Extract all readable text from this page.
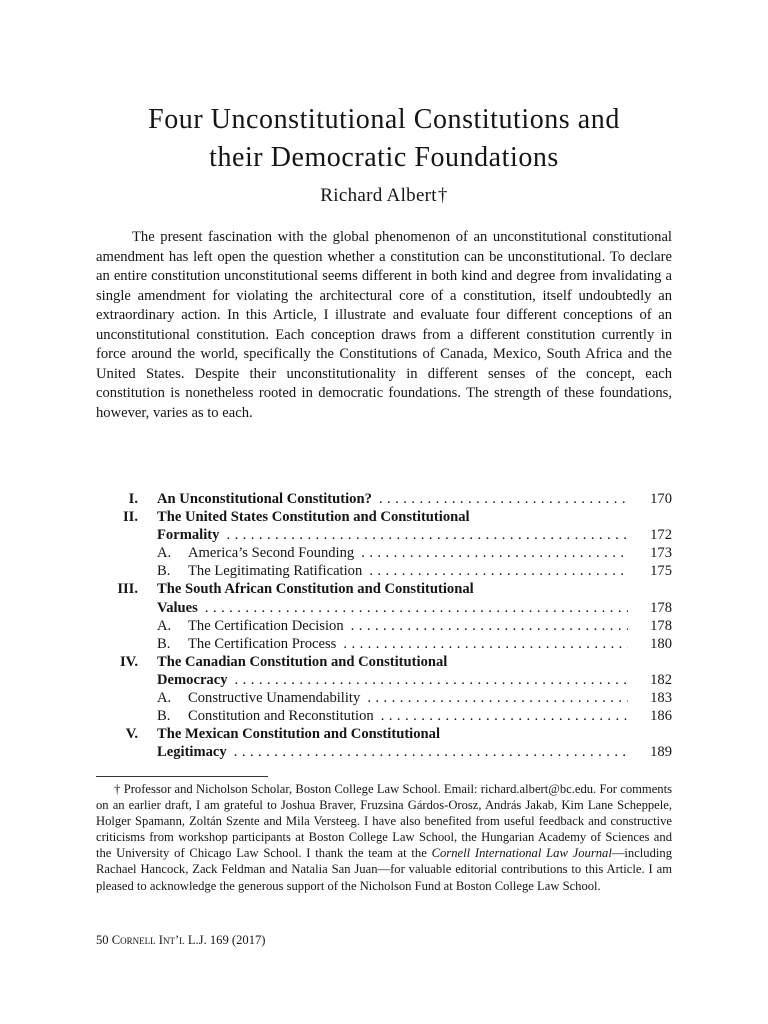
Four Unconstitutional Constitutions and
their Democratic Foundations
Richard Albert†

The present fascination with the global phenomenon of an unconstitutional constitutional amendment has left open the question whether a constitution can be unconstitutional. To declare an entire constitution unconstitutional seems different in both kind and degree from invalidating a single amendment for violating the architectural core of a constitution, itself undoubtedly an extraordinary action. In this Article, I illustrate and evaluate four different conceptions of an unconstitutional constitution. Each conception draws from a different constitution currently in force around the world, specifically the Constitutions of Canada, Mexico, South Africa and the United States. Despite their unconstitutionality in different senses of the concept, each constitution is nonetheless rooted in democratic foundations. The strength of these foundations, however, varies as to each.

I. An Unconstitutional Constitution? . . .	170
II. The United States Constitution and Constitutional
Formality . . .	172
A. America’s Second Founding . . .	173
B. The Legitimating Ratification . . .	175
III. The South African Constitution and Constitutional
Values . . .	178
A. The Certification Decision . . .	178
B. The Certification Process . . .	180
IV. The Canadian Constitution and Constitutional
Democracy . . .	182
A. Constructive Unamendability . . .	183
B. Constitution and Reconstitution . . .	186
V. The Mexican Constitution and Constitutional
Legitimacy . . .	189

† Professor and Nicholson Scholar, Boston College Law School. Email: richard.albert@bc.edu. For comments on an earlier draft, I am grateful to Joshua Braver, Fruzsina Gárdos-Orosz, András Jakab, Kim Lane Scheppele, Holger Spamann, Zoltán Szente and Mila Versteeg. I have also benefited from useful feedback and constructive criticisms from workshop participants at Boston College Law School, the Hungarian Academy of Sciences and the University of Chicago Law School. I thank the team at the Cornell International Law Journal—including Rachael Hancock, Zack Feldman and Natalia San Juan—for valuable editorial contributions to this Article. I am pleased to acknowledge the generous support of the Nicholson Fund at Boston College Law School.

50 Cornell Int’l L.J. 169 (2017)
